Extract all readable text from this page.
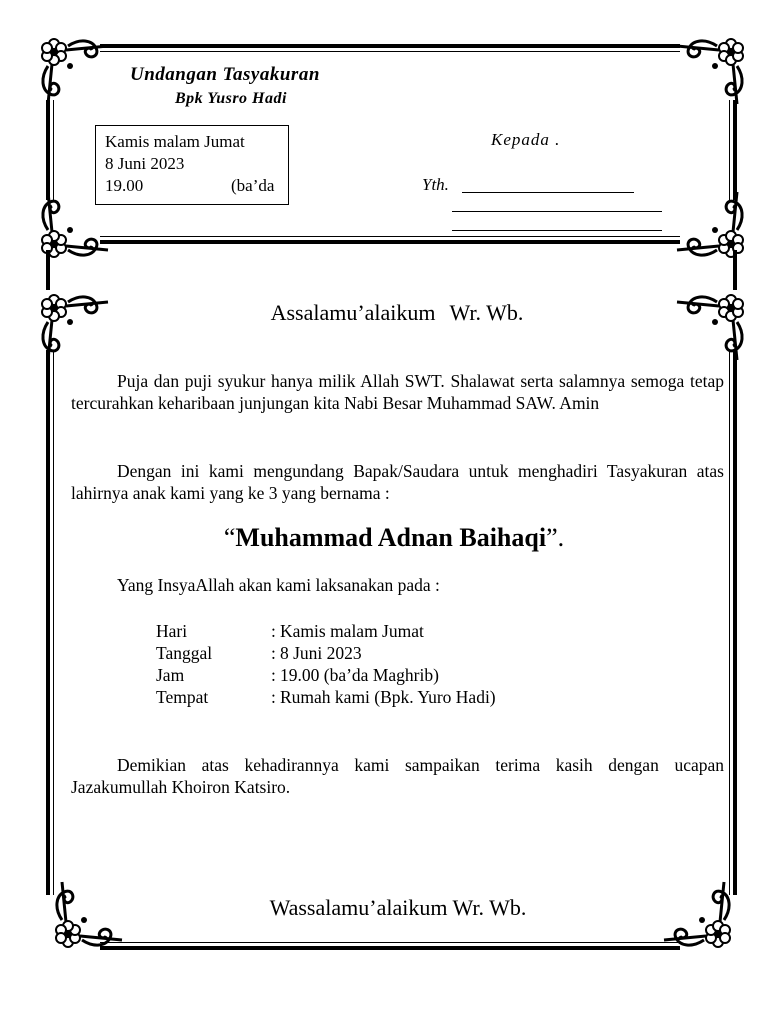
Undangan Tasyakuran
Bpk Yusro Hadi
Kamis malam Jumat
8 Juni 2023
19.00	(ba’da
Kepada .
Yth.
Assalamu’alaikum Wr. Wb.
Puja dan puji syukur hanya milik Allah SWT. Shalawat serta salamnya semoga tetap tercurahkan keharibaan junjungan kita Nabi Besar Muhammad SAW. Amin
Dengan ini kami mengundang Bapak/Saudara untuk menghadiri Tasyakuran atas lahirnya anak kami yang ke 3 yang bernama :
“Muhammad Adnan Baihaqi”.
Yang InsyaAllah akan kami laksanakan pada :
Hari	: Kamis malam Jumat
Tanggal	: 8 Juni 2023
Jam	: 19.00 (ba’da Maghrib)
Tempat	: Rumah kami (Bpk. Yuro Hadi)
Demikian atas kehadirannya kami sampaikan terima kasih dengan ucapan Jazakumullah Khoiron Katsiro.
Wassalamu’alaikum Wr. Wb.
